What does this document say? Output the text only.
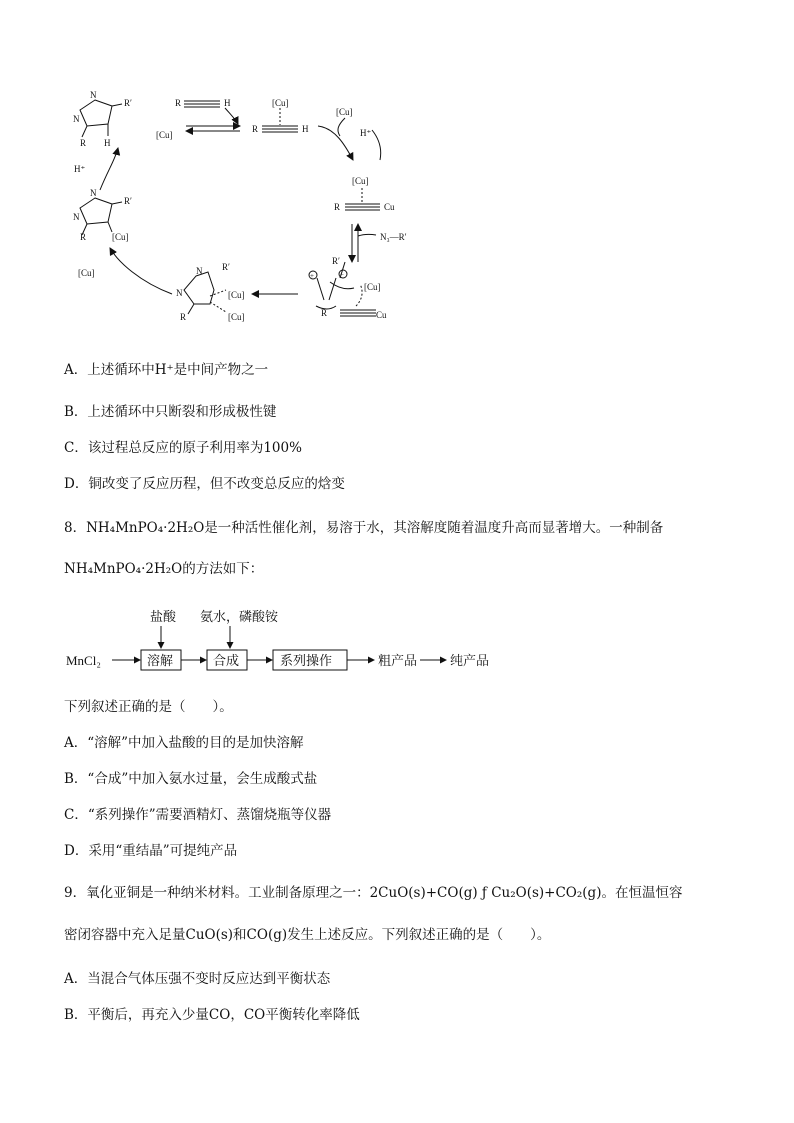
R′
N
N
R H
[Cu]
R	H	[Cu]
R	H
[Cu]
H⁺
[Cu]
R	Cu
N₃—R′
R′
[Cu]
R	Cu
R′
[Cu]
[Cu]
R
N
N
[Cu]
R′
N
N
R	[Cu]
H⁺
+	−
A．上述循环中H⁺是中间产物之一
B．上述循环中只断裂和形成极性键
C．该过程总反应的原子利用率为100%
D．铜改变了反应历程，但不改变总反应的焓变
8．NH₄MnPO₄·2H₂O是一种活性催化剂，易溶于水，其溶解度随着温度升高而显著增大。一种制备
NH₄MnPO₄·2H₂O的方法如下：
MnCl₂	溶解
盐酸
合成
氨水，磷酸铵
系列操作	粗产品	纯产品
下列叙述正确的是（　　）。
A．“溶解”中加入盐酸的目的是加快溶解
B．“合成”中加入氨水过量，会生成酸式盐
C．“系列操作”需要酒精灯、蒸馏烧瓶等仪器
D．采用“重结晶”可提纯产品
9．氧化亚铜是一种纳米材料。工业制备原理之一：2CuO(s)+CO(g) ƒ Cu₂O(s)+CO₂(g)。在恒温恒容
密闭容器中充入足量CuO(s)和CO(g)发生上述反应。下列叙述正确的是（　　）。
A．当混合气体压强不变时反应达到平衡状态
B．平衡后，再充入少量CO，CO平衡转化率降低
